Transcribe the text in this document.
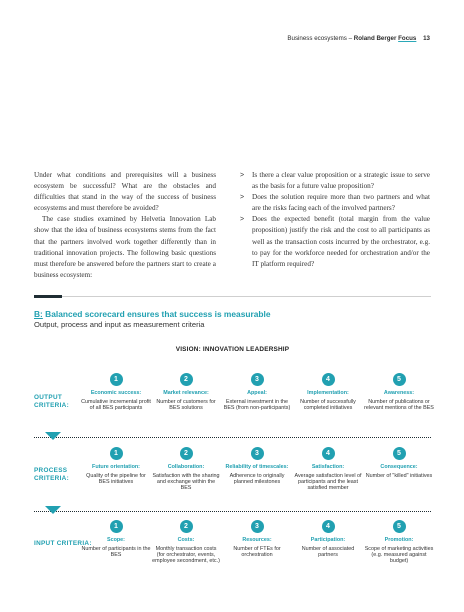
Business ecosystems – Roland Berger Focus 13

Under what conditions and prerequisites will a business ecosystem be successful? What are the obstacles and difficulties that stand in the way of the success of business ecosystems and must therefore be avoided?

The case studies examined by Helvetia Innovation Lab show that the idea of business ecosystems stems from the fact that the partners involved work together differently than in traditional innovation projects. The following basic questions must therefore be answered before the partners start to create a business ecosystem:

> Is there a clear value proposition or a strategic issue to serve as the basis for a future value proposition?

> Does the solution require more than two partners and what are the risks facing each of the involved partners?

> Does the expected benefit (total margin from the value proposition) justify the risk and the cost to all participants as well as the transaction costs incurred by the orchestrator, e.g. to pay for the workforce needed for orchestration and/or the IT platform required?

B: Balanced scorecard ensures that success is measurable
Output, process and input as measurement criteria
VISION: INNOVATION LEADERSHIP
OUTPUT CRITERIA:
1
Economic success:
Cumulative incremental profit of all BES participants
2
Market relevance:
Number of customers for BES solutions
3
Appeal:
External investment in the BES (from non-participants)
4
Implementation:
Number of successfully completed initiatives
5
Awareness:
Number of publications or relevant mentions of the BES
PROCESS CRITERIA:
1
Future orientation:
Quality of the pipeline for BES initiatives
2
Collaboration:
Satisfaction with the sharing and exchange within the BES
3
Reliability of timescales:
Adherence to originally planned milestones
4
Satisfaction:
Average satisfaction level of participants and the least satisfied member
5
Consequence:
Number of "killed" initiatives
INPUT CRITERIA:
1
Scope:
Number of participants in the BES
2
Costs:
Monthly transaction costs (for orchestrator, events, employee secondment, etc.)
3
Resources:
Number of FTEs for orchestration
4
Participation:
Number of associated partners
5
Promotion:
Scope of marketing activities (e.g. measured against budget)
